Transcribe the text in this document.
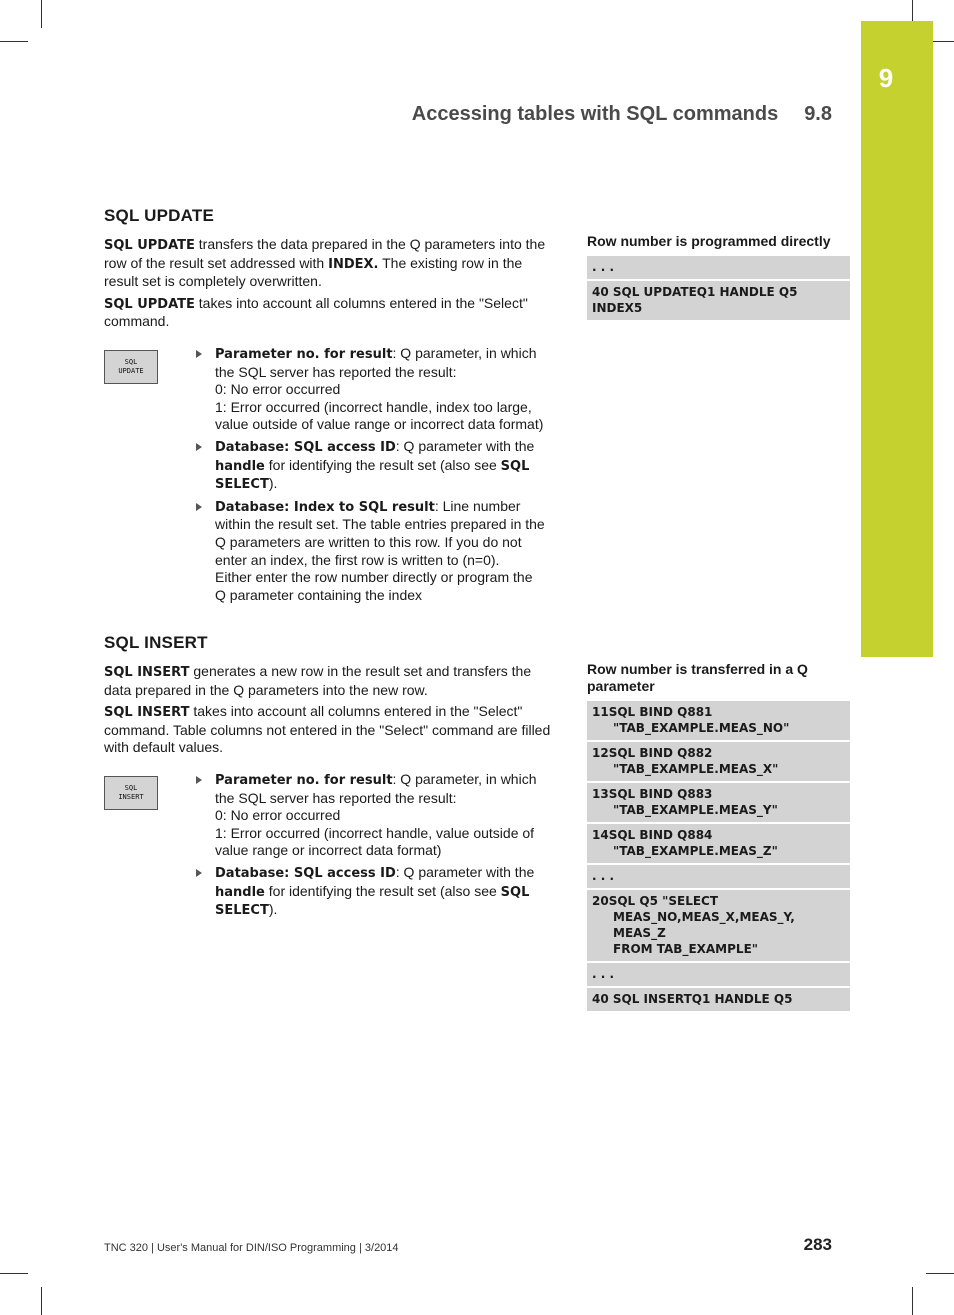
9
Accessing tables with SQL commands 9.8
SQL UPDATE

SQL UPDATE transfers the data prepared in the Q parameters into the row of the result set addressed with INDEX. The existing row in the result set is completely overwritten.

SQL UPDATE takes into account all columns entered in the "Select" command.

SQL
UPDATE
Parameter no. for result: Q parameter, in which the SQL server has reported the result:
0: No error occurred
1: Error occurred (incorrect handle, index too large, value outside of value range or incorrect data format)
Database: SQL access ID: Q parameter with the handle for identifying the result set (also see SQL SELECT).
Database: Index to SQL result: Line number within the result set. The table entries prepared in the Q parameters are written to this row. If you do not enter an index, the first row is written to (n=0).
Either enter the row number directly or program the Q parameter containing the index
Row number is programmed directly
. . .
40 SQL UPDATEQ1 HANDLE Q5 INDEX5
SQL INSERT

SQL INSERT generates a new row in the result set and transfers the data prepared in the Q parameters into the new row.

SQL INSERT takes into account all columns entered in the "Select" command. Table columns not entered in the "Select" command are filled with default values.

SQL
INSERT
Parameter no. for result: Q parameter, in which the SQL server has reported the result:
0: No error occurred
1: Error occurred (incorrect handle, value outside of value range or incorrect data format)
Database: SQL access ID: Q parameter with the handle for identifying the result set (also see SQL SELECT).
Row number is transferred in a Q parameter
11SQL BIND Q881
"TAB_EXAMPLE.MEAS_NO"
12SQL BIND Q882
"TAB_EXAMPLE.MEAS_X"
13SQL BIND Q883
"TAB_EXAMPLE.MEAS_Y"
14SQL BIND Q884
"TAB_EXAMPLE.MEAS_Z"
. . .
20SQL Q5 "SELECT
MEAS_NO,MEAS_X,MEAS_Y, MEAS_Z
FROM TAB_EXAMPLE"
. . .
40 SQL INSERTQ1 HANDLE Q5
TNC 320 | User's Manual for DIN/ISO Programming | 3/2014	283
